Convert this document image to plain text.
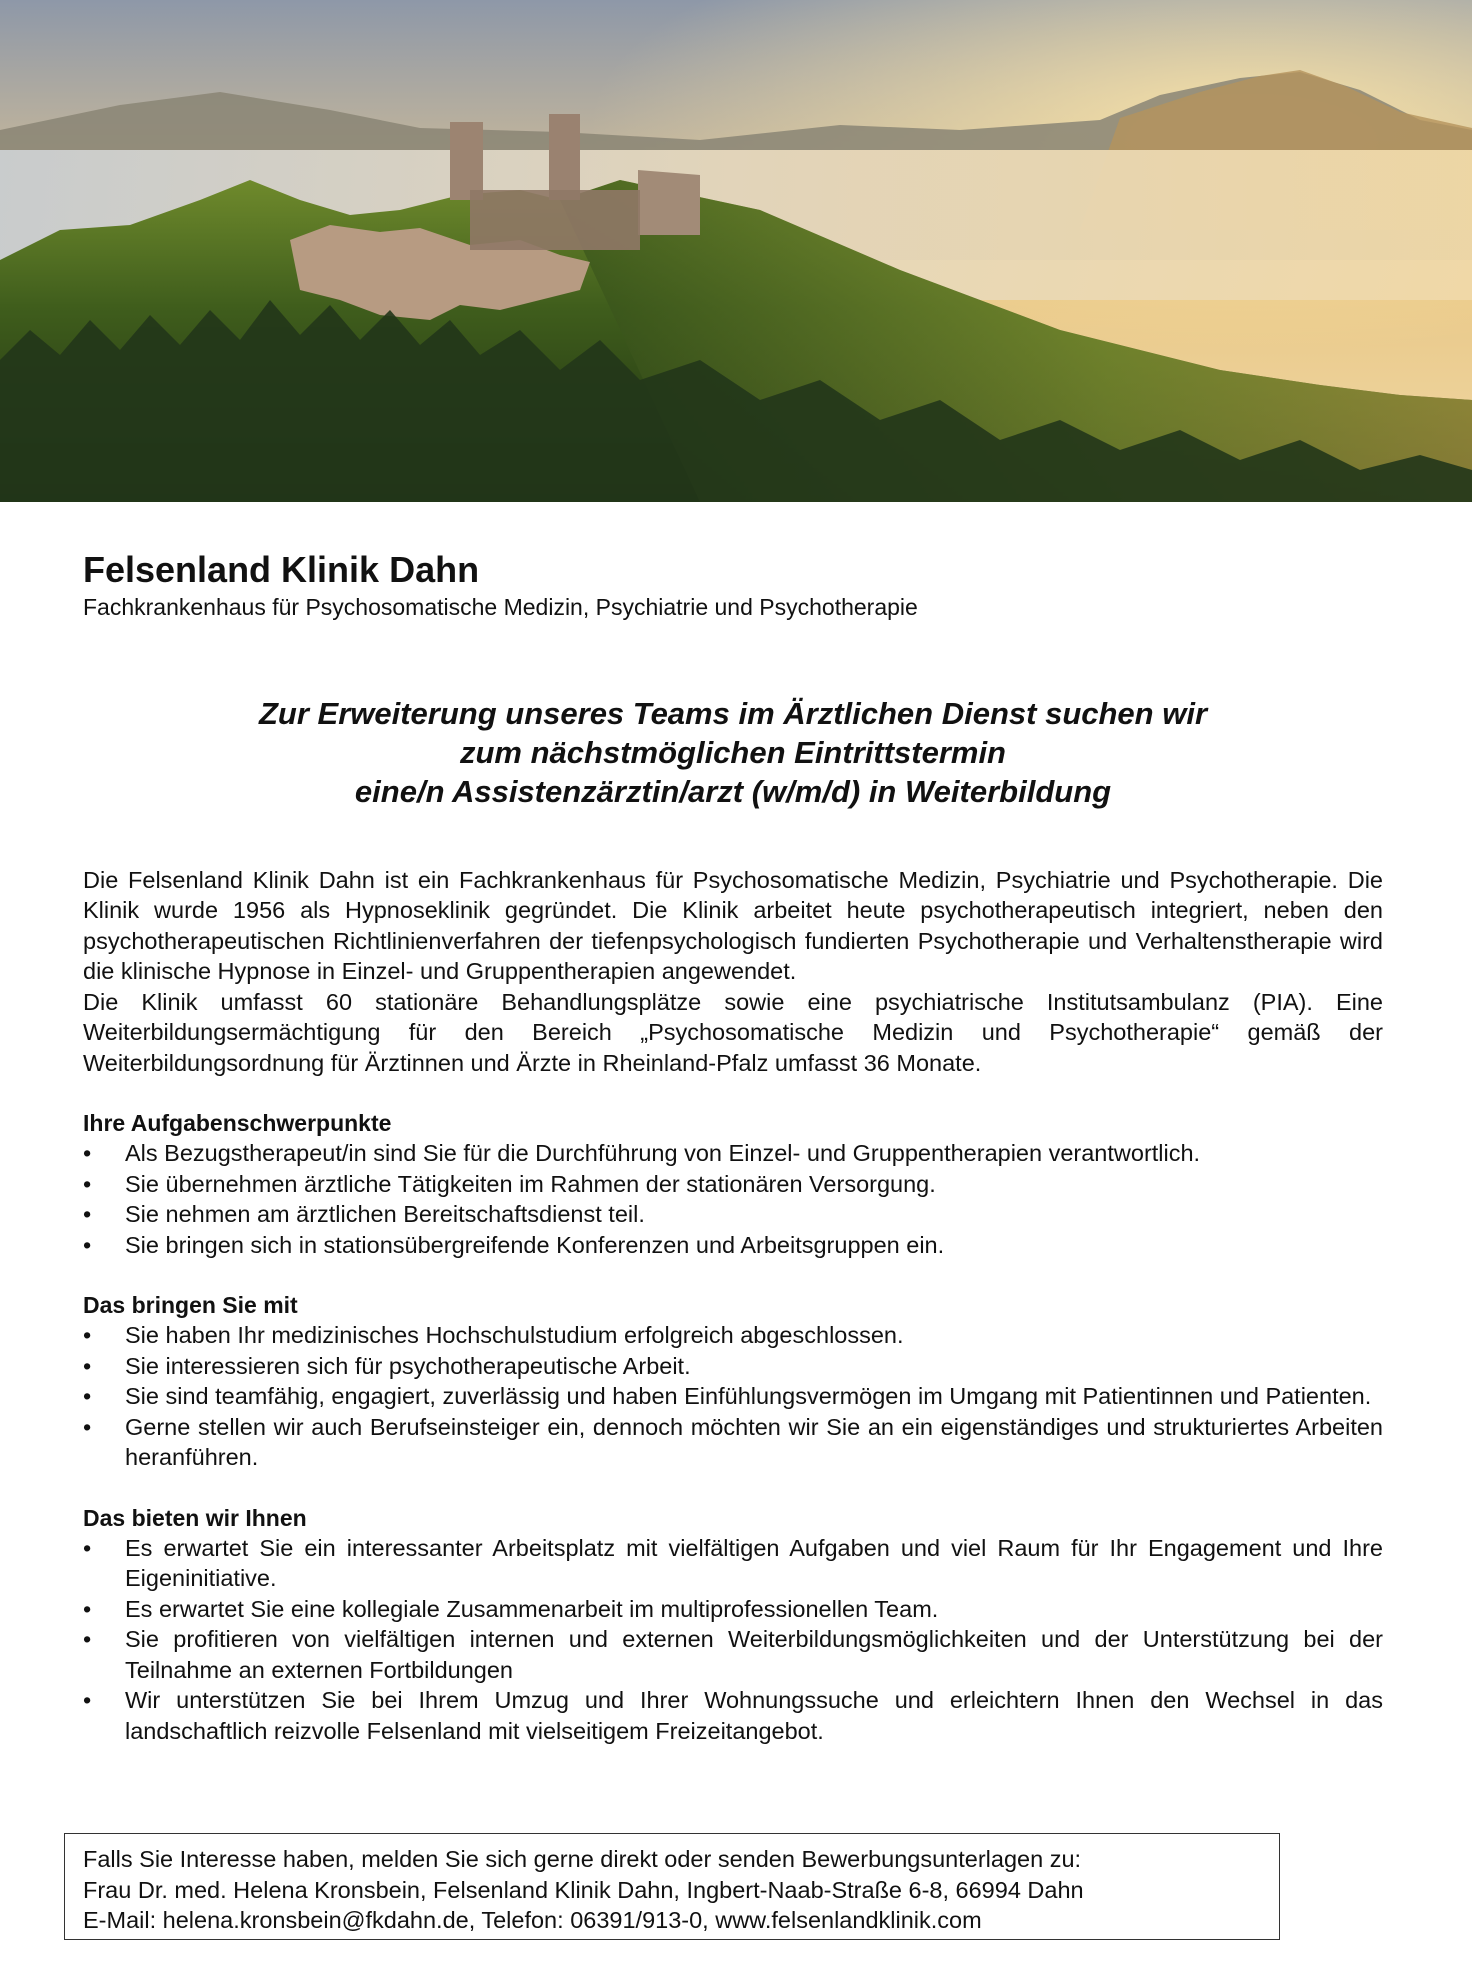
Felsenland Klinik Dahn
Fachkrankenhaus für Psychosomatische Medizin, Psychiatrie und Psychotherapie
Zur Erweiterung unseres Teams im Ärztlichen Dienst suchen wir
zum nächstmöglichen Eintrittstermin
eine/n Assistenzärztin/arzt (w/m/d) in Weiterbildung

Die Felsenland Klinik Dahn ist ein Fachkrankenhaus für Psychosomatische Medizin, Psychiatrie und Psychotherapie. Die Klinik wurde 1956 als Hypnoseklinik gegründet. Die Klinik arbeitet heute psychotherapeutisch integriert, neben den psychotherapeutischen Richtlinienverfahren der tiefenpsychologisch fundierten Psychotherapie und Verhaltenstherapie wird die klinische Hypnose in Einzel- und Gruppentherapien angewendet.

Die Klinik umfasst 60 stationäre Behandlungsplätze sowie eine psychiatrische Institutsambulanz (PIA). Eine Weiterbildungsermächtigung für den Bereich „Psychosomatische Medizin und Psychotherapie“ gemäß der Weiterbildungsordnung für Ärztinnen und Ärzte in Rheinland-Pfalz umfasst 36 Monate.

Ihre Aufgabenschwerpunkte
•	Als Bezugstherapeut/in sind Sie für die Durchführung von Einzel- und Gruppentherapien verantwortlich.
•	Sie übernehmen ärztliche Tätigkeiten im Rahmen der stationären Versorgung.
•	Sie nehmen am ärztlichen Bereitschaftsdienst teil.
•	Sie bringen sich in stationsübergreifende Konferenzen und Arbeitsgruppen ein.
Das bringen Sie mit
•	Sie haben Ihr medizinisches Hochschulstudium erfolgreich abgeschlossen.
•	Sie interessieren sich für psychotherapeutische Arbeit.
•	Sie sind teamfähig, engagiert, zuverlässig und haben Einfühlungsvermögen im Umgang mit Patientinnen und Patienten.
•	Gerne stellen wir auch Berufseinsteiger ein, dennoch möchten wir Sie an ein eigenständiges und strukturiertes Arbeiten heranführen.
Das bieten wir Ihnen
•	Es erwartet Sie ein interessanter Arbeitsplatz mit vielfältigen Aufgaben und viel Raum für Ihr Engagement und Ihre Eigeninitiative.
•	Es erwartet Sie eine kollegiale Zusammenarbeit im multiprofessionellen Team.
•	Sie profitieren von vielfältigen internen und externen Weiterbildungsmöglichkeiten und der Unterstützung bei der Teilnahme an externen Fortbildungen
•	Wir unterstützen Sie bei Ihrem Umzug und Ihrer Wohnungssuche und erleichtern Ihnen den Wechsel in das landschaftlich reizvolle Felsenland mit vielseitigem Freizeitangebot.
Falls Sie Interesse haben, melden Sie sich gerne direkt oder senden Bewerbungsunterlagen zu:
Frau Dr. med. Helena Kronsbein, Felsenland Klinik Dahn, Ingbert-Naab-Straße 6-8, 66994 Dahn
E-Mail: helena.kronsbein@fkdahn.de, Telefon: 06391/913-0, www.felsenlandklinik.com
